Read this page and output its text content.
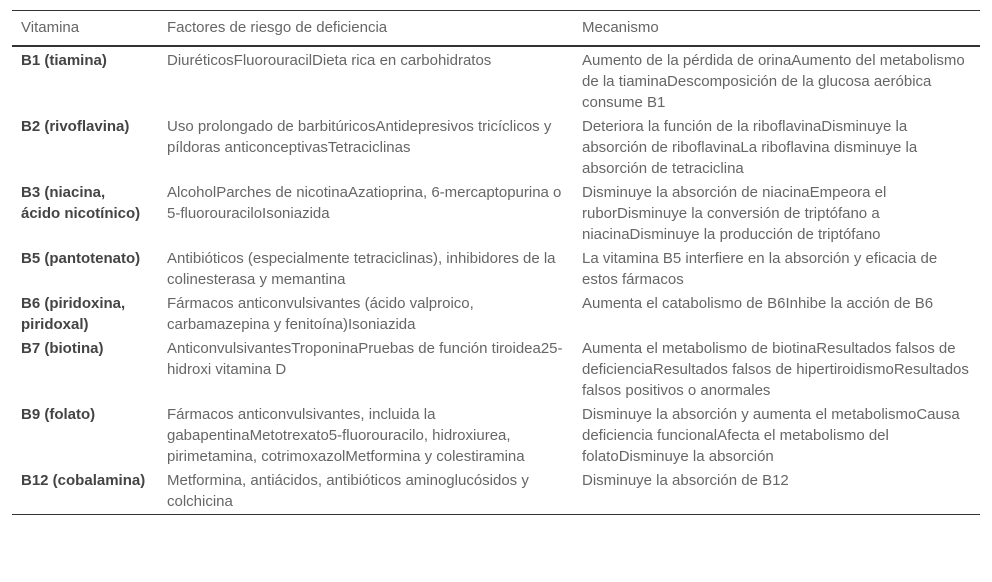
Vitamina	Factores de riesgo de deficiencia	Mecanismo
B1 (tiamina)	DiuréticosFluorouracilDieta rica en carbohidratos	Aumento de la pérdida de orinaAumento del metabolismo de la tiaminaDescomposición de la glucosa aeróbica consume B1
B2 (rivoflavina)	Uso prolongado de barbitúricosAntidepresivos tricíclicos y píldoras anticonceptivasTetraciclinas	Deteriora la función de la riboflavinaDisminuye la absorción de riboflavinaLa riboflavina disminuye la absorción de tetraciclina
B3 (niacina, ácido nicotínico)	AlcoholParches de nicotinaAzatioprina, 6-mercaptopurina o 5-fluorouraciloIsoniazida	Disminuye la absorción de niacinaEmpeora el ruborDisminuye la conversión de triptófano a niacinaDisminuye la producción de triptófano
B5 (pantotenato)	Antibióticos (especialmente tetraciclinas), inhibidores de la colinesterasa y memantina	La vitamina B5 interfiere en la absorción y eficacia de estos fármacos
B6 (piridoxina, piridoxal)	Fármacos anticonvulsivantes (ácido valproico, carbamazepina y fenitoína)Isoniazida	Aumenta el catabolismo de B6Inhibe la acción de B6
B7 (biotina)	AnticonvulsivantesTroponinaPruebas de función tiroidea25-hidroxi vitamina D	Aumenta el metabolismo de biotinaResultados falsos de deficienciaResultados falsos de hipertiroidismoResultados falsos positivos o anormales
B9 (folato)	Fármacos anticonvulsivantes, incluida la gabapentinaMetotrexato5-fluorouracilo, hidroxiurea, pirimetamina, cotrimoxazolMetformina y colestiramina	Disminuye la absorción y aumenta el metabolismoCausa deficiencia funcionalAfecta el metabolismo del folatoDisminuye la absorción
B12 (cobalamina)	Metformina, antiácidos, antibióticos aminoglucósidos y colchicina	Disminuye la absorción de B12
